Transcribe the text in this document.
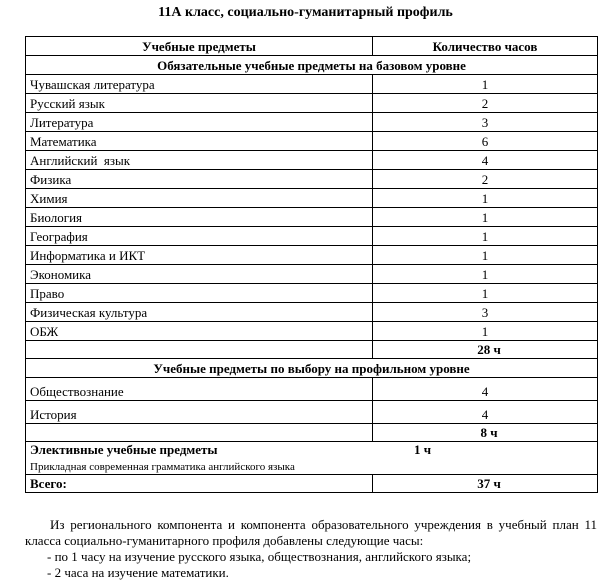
11А класс, социально-гуманитарный профиль
Учебные предметы	Количество часов
Обязательные учебные предметы на базовом уровне	
Чувашская литература	1
Русский язык	2
Литература	3
Математика	6
Английский  язык	4
Физика	2
Химия	1
Биология	1
География	1
Информатика и ИКТ	1
Экономика	1
Право	1
Физическая культура	3
ОБЖ	1
	28 ч
Учебные предметы по выбору на профильном уровне	
Обществознание	4
История	4
	8 ч

Элективные учебные предметы 1 ч
Прикладная современная грамматика английского языка	

Всего:	37 ч

Из регионального компонента и компонента образовательного учреждения в учебный план 11 класса социально-гуманитарного профиля добавлены следующие часы:

- по 1 часу на изучение русского языка, обществознания, английского языка;
- 2 часа на изучение математики.
